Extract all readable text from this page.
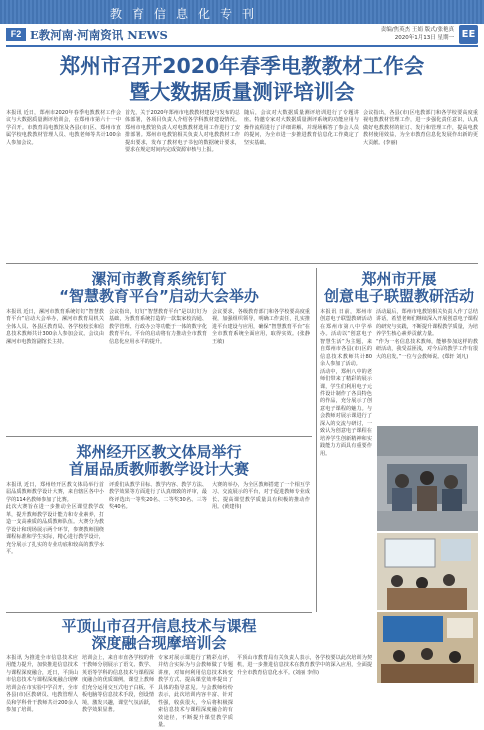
教育信息化专刊
F2 E教河南·河南资讯 NEWS	责编/焦英杰 王娟 版式/张艳真
2020年1月13日 星期一 EE
郑州市召开2020年春季电教教材工作会
暨大数据质量测评培训会

本报讯 近日，郑州市2020年春季电教教材工作会议与大数据质量测评培训会，在郑州市第六十一中学召开。市教育局电教馆及各县(市)区、郑州市直属学校电教教材管理人员、电教老师等共计100余人参加会议。

首先，关于2020年郑州市电教教材建设与发布的总体部署，各项目负责人介绍各学科教材建设情况。郑州市电教馆负责人对电教教材选用工作进行了安排部署。郑州市电教馆相关负责人对电教教材工作提出要求，发布了教材电子书包的数据统计要求，要求在规定时间内完成资源审核与上报。

随后，会议对大数据质量测评培训进行了专题讲座。特邀专家对大数据质量测评系统的功能应用与操作流程进行了详细讲解，并现场解答了参会人员的提问，为全市进一步推进教育信息化工作奠定了坚实基础。

会议指出，各县(市)区电教部门和各学校要高度重视电教教材管理工作，进一步强化责任意识，认真做好电教教材的征订、发行和管理工作，提高电教教材使用效益，为全市教育信息化发展作出新的更大贡献。(李丽)

漯河市教育系统钉钉
“智慧教育平台”启动大会举办

本报讯 近日，漯河市教育系统钉钉“智慧教育平台”启动大会举办，漯河市教育局机关全体人员、各县区教育局、各学校校长和信息技术教师共计300余人参加会议。会议由漯河市电教馆副馆长主持。

会议指出，钉钉“智慧教育平台”是以钉钉为基础，为教育系统打造的一款集家校沟通、教学管理、行政办公等功能于一体的数字化教育平台。平台的启动将有力推动全市教育信息化应用水平的提升。

会议要求，各级教育部门和各学校要高度重视，加强组织领导，明确工作责任，扎实推进平台建设与应用，确保“智慧教育平台”在全市教育系统全面应用，取得实效。(张静 王敏)

郑州市开展
创意电子联盟教研活动

本报讯 日前，郑州市创意电子联盟教研活动在郑州市第八中学举办。活动以“创意电子 智慧生活”为主题，来自郑州市各县(市)区的信息技术教师共计80余人参加了活动。

活动中，郑州八中的老师们带来了精彩的展示课，学生们利用电子元件设计制作了各具特色的作品，充分展示了创意电子课程的魅力。与会教师对展示课进行了深入的交流与研讨，一致认为创意电子课程在培养学生创新精神和实践能力方面具有重要作用。

活动最后，郑州市电教馆相关负责人作了总结讲话，希望老师们继续深入开展创意电子课程的研究与实践，不断提升课程教学质量，为培养学生核心素养贡献力量。

“作为一名信息技术教师，能够参加这样的教研活动，我受益匪浅，对今后的教学工作有很大的启发。”一位与会教师说。(郑轩 刘凡)

郑州经开区教文体局举行
首届品质教师教学设计大赛

本报讯 近日，郑州经开区教文体局举行首届品质教师教学设计大赛，来自辖区各中小学的114名教师参加了比赛。

此次大赛旨在进一步推动全区课堂教学改革，提升教师教学设计能力和专业素养，打造一支高素质的品质教师队伍。大赛分为教学设计和现场展示两个环节，参赛教师围绕课程标准和学生实际，精心进行教学设计，充分展示了扎实的专业功底和较高的教学水平。

评委们从教学目标、教学内容、教学方法、教学效果等方面进行了认真细致的评审，最终评选出一等奖20名、二等奖30名、三等奖40名。

大赛的举办，为全区教师搭建了一个相互学习、交流展示的平台，对于促进教师专业成长、提高课堂教学质量具有积极的推动作用。(黄建伟)

平顶山市召开信息技术与课程
深度融合现摩培训会

本报讯 为推进全市信息技术应用能力提升，加快推进信息技术与课程深度融合，近日，平顶山市信息技术与课程深度融合现摩培训会在市实验中学召开，全市各县(市)区教研员、电教管理人员和学科骨干教师共计200余人参加了培训。

培训会上，来自市直各学校的骨干教师分别展示了语文、数学、英语等学科的信息技术与课程深度融合的优质课例，课堂上教师们充分运用交互式电子白板、平板电脑等信息技术手段，创设情境，激发兴趣，课堂气氛活跃，教学效果显著。

专家对展示课进行了精彩点评，并结合实际为与会教师做了专题讲座，对如何利用信息技术转变教学方式、提高课堂效率提出了具体的指导意见。与会教师纷纷表示，此次培训内容丰富、针对性强，收获很大，今后将积极探索信息技术与课程深度融合的有效途径，不断提升课堂教学质量。

平顶山市教育局有关负责人表示，各学校要以此次培训为契机，进一步推进信息技术在教育教学中的深入应用，全面提升全市教育信息化水平。(刘丽 李伟)
